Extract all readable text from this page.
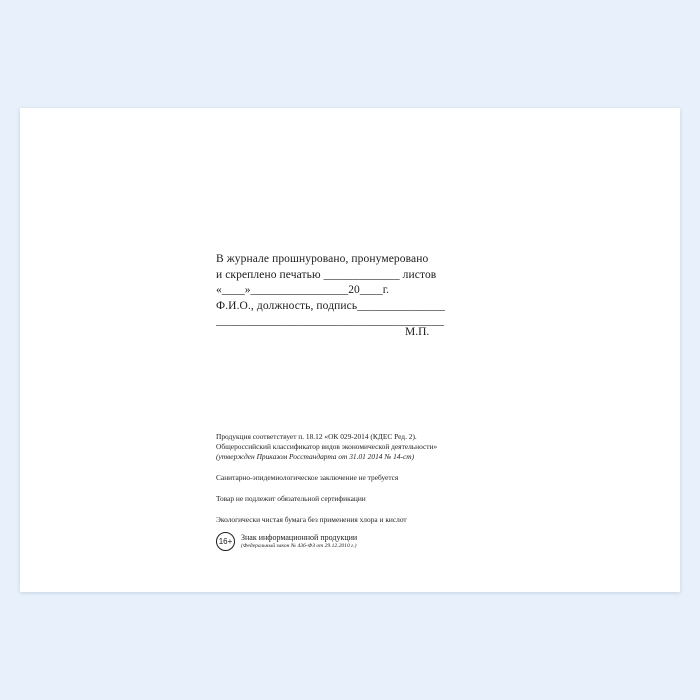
В журнале прошнуровано, пронумеровано
и скреплено печатью _____________ листов
«____»_________________20____г.
Ф.И.О., должность, подпись_______________
_______________________________________
М.П.
Продукция соответствует п. 18.12 «ОК 029-2014 (КДЕС Ред. 2).
Общероссийский классификатор видов экономической деятельности»
(утвержден Приказом Росстандарта от 31.01 2014 № 14-ст)
Санитарно-эпидемиологическое заключение не требуется
Товар не подлежит обязательной сертификации
Экологически чистая бумага без применения хлора и кислот
16+	Знак информационной продукции
(Федеральный закон № 436-ФЗ от 29.12.2010 г.)
